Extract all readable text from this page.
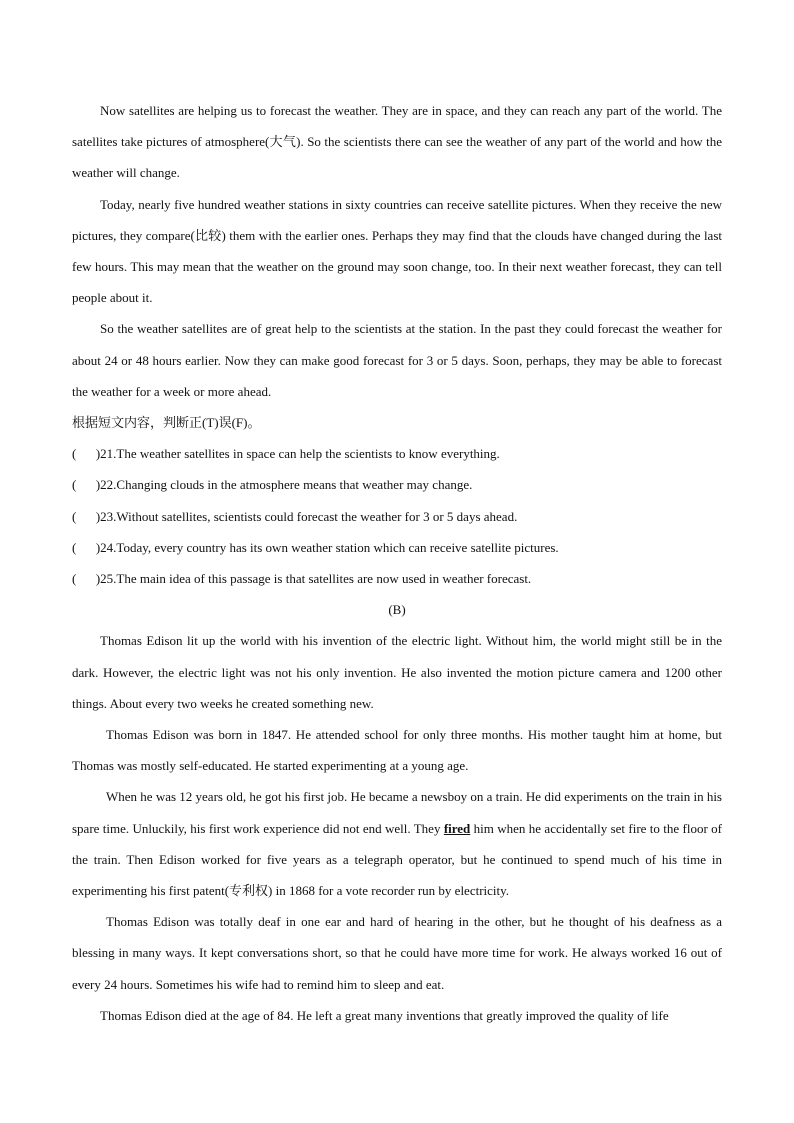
Now satellites are helping us to forecast the weather. They are in space, and they can reach any part of the world. The satellites take pictures of atmosphere(大气). So the scientists there can see the weather of any part of the world and how the weather will change.

Today, nearly five hundred weather stations in sixty countries can receive satellite pictures. When they receive the new pictures, they compare(比较) them with the earlier ones. Perhaps they may find that the clouds have changed during the last few hours. This may mean that the weather on the ground may soon change, too. In their next weather forecast, they can tell people about it.

So the weather satellites are of great help to the scientists at the station. In the past they could forecast the weather for about 24 or 48 hours earlier. Now they can make good forecast for 3 or 5 days. Soon, perhaps, they may be able to forecast the weather for a week or more ahead.

根据短文内容，判断正(T)误(F)。

(      )21.The weather satellites in space can help the scientists to know everything.

(      )22.Changing clouds in the atmosphere means that weather may change.

(      )23.Without satellites, scientists could forecast the weather for 3 or 5 days ahead.

(      )24.Today, every country has its own weather station which can receive satellite pictures.

(      )25.The main idea of this passage is that satellites are now used in weather forecast.

(B)

Thomas Edison lit up the world with his invention of the electric light. Without him, the world might still be in the dark. However, the electric light was not his only invention. He also invented the motion picture camera and 1200 other things. About every two weeks he created something new.

Thomas Edison was born in 1847. He attended school for only three months. His mother taught him at home, but Thomas was mostly self-educated. He started experimenting at a young age.

When he was 12 years old, he got his first job. He became a newsboy on a train. He did experiments on the train in his spare time. Unluckily, his first work experience did not end well. They fired him when he accidentally set fire to the floor of the train. Then Edison worked for five years as a telegraph operator, but he continued to spend much of his time in experimenting his first patent(专利权) in 1868 for a vote recorder run by electricity.

Thomas Edison was totally deaf in one ear and hard of hearing in the other, but he thought of his deafness as a blessing in many ways. It kept conversations short, so that he could have more time for work. He always worked 16 out of every 24 hours. Sometimes his wife had to remind him to sleep and eat.

Thomas Edison died at the age of 84. He left a great many inventions that greatly improved the quality of life
